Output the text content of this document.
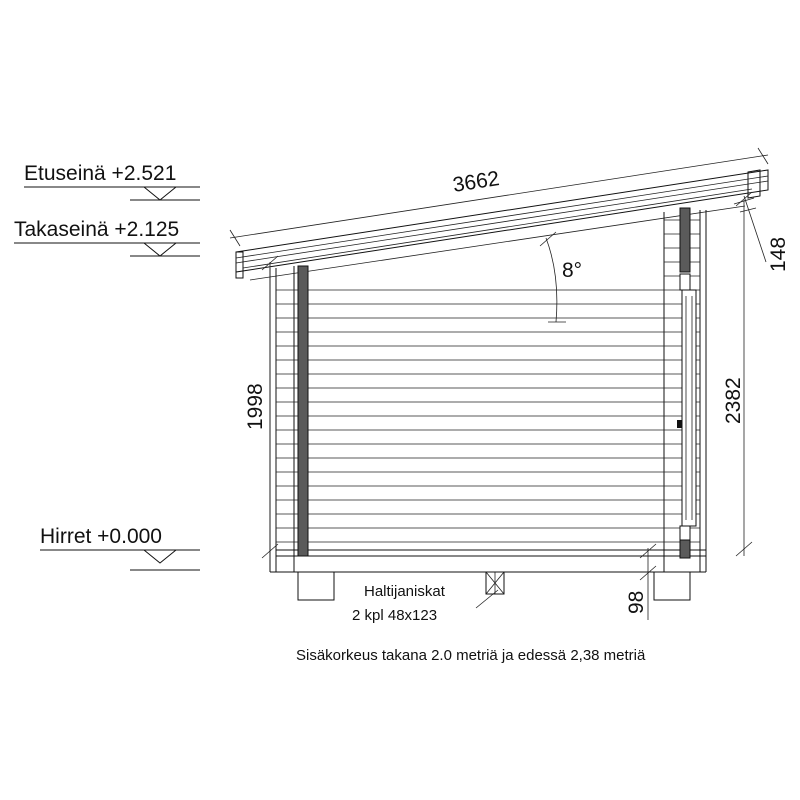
Etuseinä +2.521
Takaseinä +2.125
Hirret +0.000
3662
148
8°
1998	2382
98
Haltijaniskat
2 kpl 48x123
Sisäkorkeus takana 2.0 metriä ja edessä 2,38 metriä
